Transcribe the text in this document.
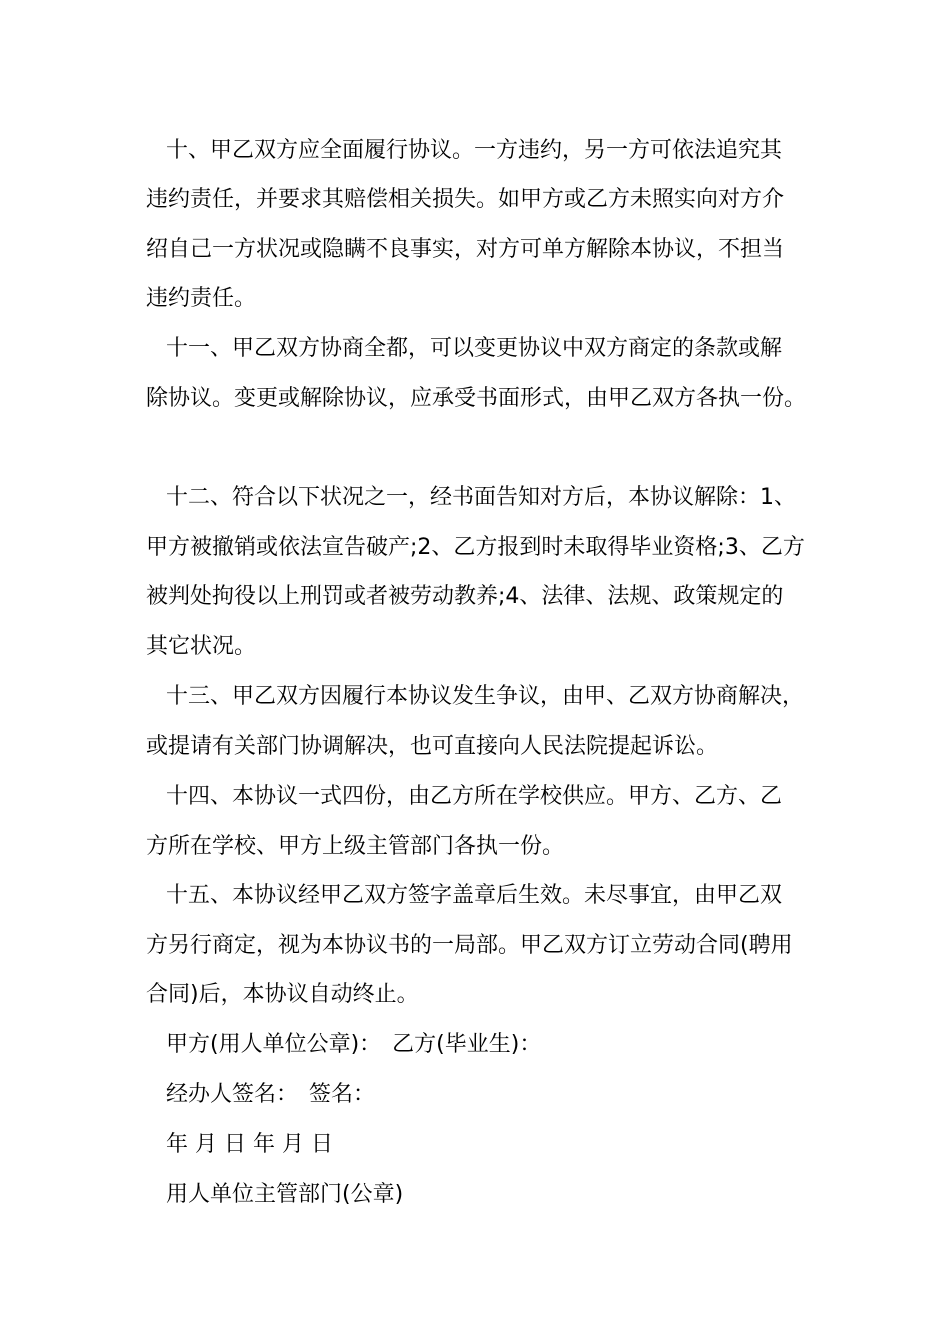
十、甲乙双方应全面履行协议。一方违约，另一方可依法追究其
违约责任，并要求其赔偿相关损失。如甲方或乙方未照实向对方介
绍自己一方状况或隐瞒不良事实，对方可单方解除本协议，不担当
违约责任。
十一、甲乙双方协商全都，可以变更协议中双方商定的条款或解
除协议。变更或解除协议，应承受书面形式，由甲乙双方各执一份。
十二、符合以下状况之一，经书面告知对方后，本协议解除：1、
甲方被撤销或依法宣告破产;2、乙方报到时未取得毕业资格;3、乙方
被判处拘役以上刑罚或者被劳动教养;4、法律、法规、政策规定的
其它状况。
十三、甲乙双方因履行本协议发生争议，由甲、乙双方协商解决，
或提请有关部门协调解决，也可直接向人民法院提起诉讼。
十四、本协议一式四份，由乙方所在学校供应。甲方、乙方、乙
方所在学校、甲方上级主管部门各执一份。
十五、本协议经甲乙双方签字盖章后生效。未尽事宜，由甲乙双
方另行商定，视为本协议书的一局部。甲乙双方订立劳动合同(聘用
合同)后，本协议自动终止。
甲方(用人单位公章)：　乙方(毕业生)：
经办人签名：　签名：
年 月 日 年 月 日
用人单位主管部门(公章)
